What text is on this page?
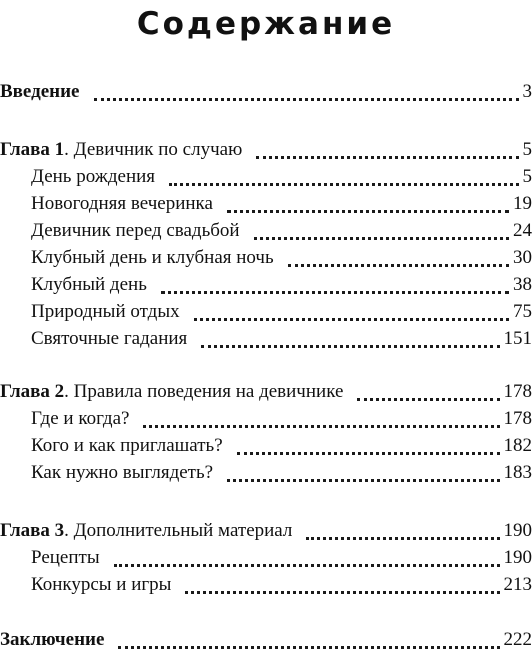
Содержание
Введение	3
Глава 1. Девичник по случаю	5
День рождения	5
Новогодняя вечеринка	19
Девичник перед свадьбой	24
Клубный день и клубная ночь	30
Клубный день	38
Природный отдых	75
Святочные гадания	151
Глава 2. Правила поведения на девичнике	178
Где и когда?	178
Кого и как приглашать?	182
Как нужно выглядеть?	183
Глава 3. Дополнительный материал	190
Рецепты	190
Конкурсы и игры	213
Заключение	222
